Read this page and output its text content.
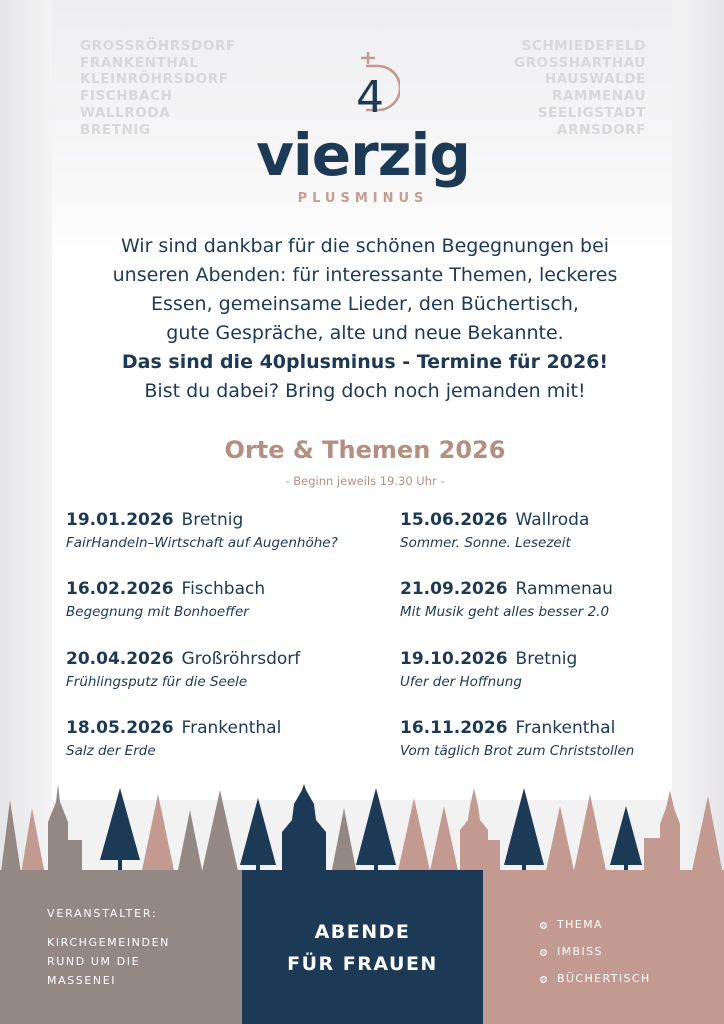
GROSSRÖHRSDORF
FRANKENTHAL
KLEINRÖHRSDORF
FISCHBACH
WALLRODA
BRETNIG
SCHMIEDEFELD
GROSSHARTHAU
HAUSWALDE
RAMMENAU
SEELIGSTADT
ARNSDORF
4
vierzig
PLUSMINUS
Wir sind dankbar für die schönen Begegnungen bei
unseren Abenden: für interessante Themen, leckeres
Essen, gemeinsame Lieder, den Büchertisch,
gute Gespräche, alte und neue Bekannte.
Das sind die 40plusminus - Termine für 2026!
Bist du dabei? Bring doch noch jemanden mit!
Orte & Themen 2026
- Beginn jeweils 19.30 Uhr -
19.01.2026 Bretnig
FairHandeln–Wirtschaft auf Augenhöhe?
16.02.2026 Fischbach
Begegnung mit Bonhoeffer
20.04.2026 Großröhrsdorf
Frühlingsputz für die Seele
18.05.2026 Frankenthal
Salz der Erde
15.06.2026 Wallroda
Sommer. Sonne. Lesezeit
21.09.2026 Rammenau
Mit Musik geht alles besser 2.0
19.10.2026 Bretnig
Ufer der Hoffnung
16.11.2026 Frankenthal
Vom täglich Brot zum Christstollen
VERANSTALTER:
KIRCHGEMEINDEN
RUND UM DIE
MASSENEI
ABENDE
FÜR FRAUEN
THEMA
IMBISS
BÜCHERTISCH
